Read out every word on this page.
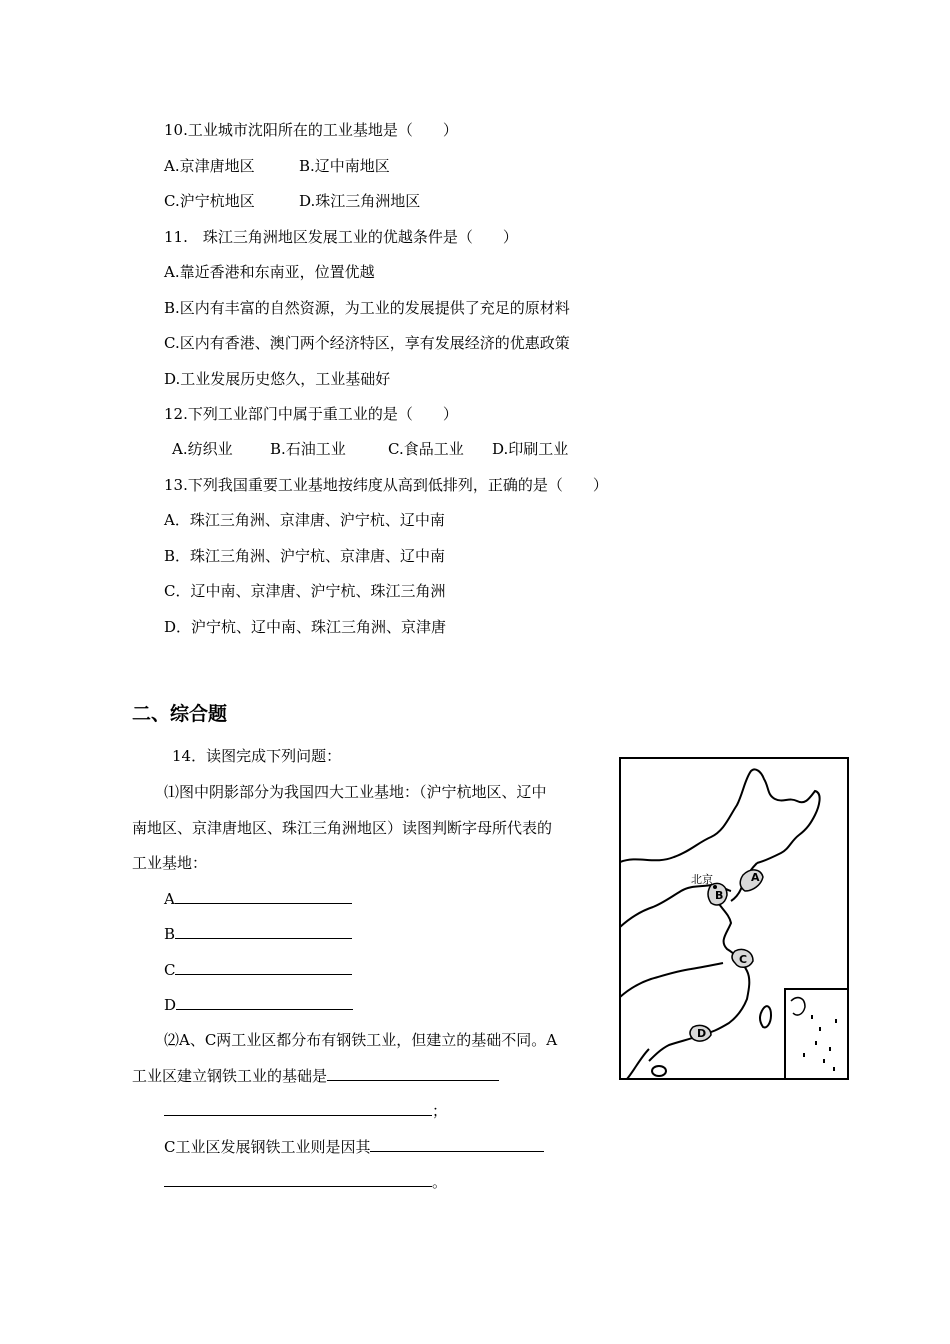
10.工业城市沈阳所在的工业基地是（　　）
A.京津唐地区	B.辽中南地区
C.沪宁杭地区	D.珠江三角洲地区
11.　珠江三角洲地区发展工业的优越条件是（　　）
A.靠近香港和东南亚，位置优越
B.区内有丰富的自然资源，为工业的发展提供了充足的原材料
C.区内有香港、澳门两个经济特区，享有发展经济的优惠政策
D.工业发展历史悠久，工业基础好
12.下列工业部门中属于重工业的是（　　）
A.纺织业 B.石油工业	C.食品工业 D.印刷工业
13.下列我国重要工业基地按纬度从高到低排列，正确的是（　　）
A．珠江三角洲、京津唐、沪宁杭、辽中南
B．珠江三角洲、沪宁杭、京津唐、辽中南
C．辽中南、京津唐、沪宁杭、珠江三角洲
D．沪宁杭、辽中南、珠江三角洲、京津唐
二、综合题
14．读图完成下列问题：
⑴图中阴影部分为我国四大工业基地：（沪宁杭地区、辽中
南地区、京津唐地区、珠江三角洲地区）读图判断字母所代表的
工业基地：
A
B
C
D
⑵A、C两工业区都分布有钢铁工业，但建立的基础不同。A
工业区建立钢铁工业的基础是
；
C工业区发展钢铁工业则是因其
。
北京	A
B
C
D
